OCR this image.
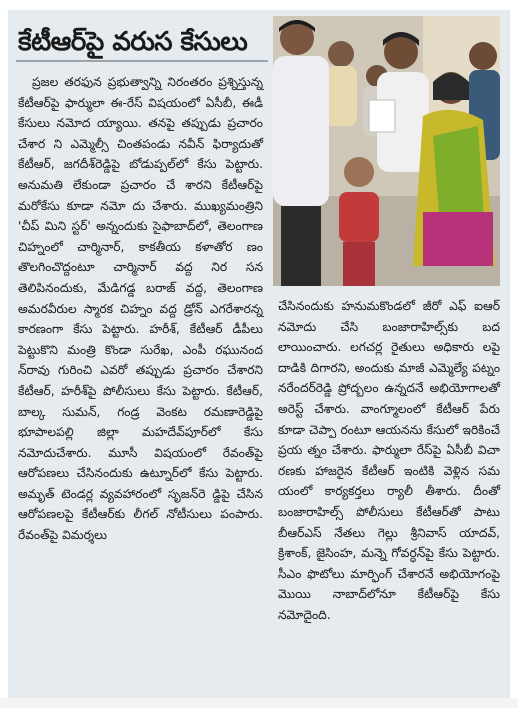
కేటీఆర్‌పై వరుస కేసులు

ప్రజల తరఫున ప్రభుత్వాన్ని నిరంతరం ప్రశ్నిస్తున్న కేటీఆర్‌పై ఫార్ములా ఈ-రేస్ విషయంలో ఏసీబీ, ఈడీ కేసులు నమోద య్యాయి. తనపై తప్పుడు ప్రచారం చేశార ని ఎమ్మెల్సీ చింతపండు నవీన్ ఫిర్యాదుతో కేటీఆర్, జగదీశ్‌రెడ్డిపై బోడుప్పల్‌లో కేసు పెట్టారు. అనుమతి లేకుండా ప్రచారం చే శారని కేటీఆర్‌పై మరోకేసు కూడా నమో దు చేశారు. ముఖ్యమంత్రిని 'చీప్ మిని స్టర్' అన్నందుకు సైఫాబాద్‌లో, తెలంగాణ చిహ్నంలో చార్మినార్, కాకతీయ కళాతోర ణం తొలగించొద్దంటూ చార్మినార్ వద్ద నిర సన తెలిపినందుకు, మేడిగడ్డ బరాజ్ వద్ద, తెలంగాణ అమరవీరుల స్మారక చిహ్నం వద్ద డ్రోన్ ఎగరేశారన్న కారణంగా కేసు పెట్టారు. హరీశ్, కేటీఆర్ డీపీలు పెట్టుకొని మంత్రి కొండా సురేఖ, ఎంపీ రఘునంద న్‌రావు గురించి ఎవరో తప్పుడు ప్రచారం చేశారని కేటీఆర్, హరీశ్‌పై పోలీసులు కేసు పెట్టారు. కేటీఆర్, బాల్క సుమన్, గండ్ర వెంకట రమణారెడ్డిపై భూపాలపల్లి జిల్లా మహదేవ్‌పూర్‌లో కేసు నమోదుచేశారు. మూసీ విషయంలో రేవంత్‌పై ఆరోపణలు చేసినందుకు ఉట్నూర్‌లో కేసు పెట్టారు. అమృత్ టెండర్ల వ్యవహారంలో సృజన్‌రె డ్డిపై చేసిన ఆరోపణలపై కేటీఆర్‌కు లీగల్ నోటీసులు పంపారు. రేవంత్‌పై విమర్శలు

చేసినందుకు హనుమకొండలో జీరో ఎఫ్ ఐఆర్ నమోదు చేసి బంజారాహిల్స్‌కు బద లాయించారు. లగచర్ల రైతులు అధికారు లపై దాడికి దిగారని, అందుకు మాజీ ఎమ్మెల్యే పట్నం నరేందర్‌రెడ్డి ప్రోద్బలం ఉన్నదనే అభియోగాలతో అరెస్ట్ చేశారు. వాంగ్మూలంలో కేటీఆర్ పేరు కూడా చెప్పా రంటూ ఆయనను కేసులో ఇరికించే ప్రయ త్నం చేశారు. ఫార్ములా రేస్‌పై ఏసీబీ విచా రణకు హాజరైన కేటీఆర్ ఇంటికి వెళ్లిన సమ యంలో కార్యకర్తలు ర్యాలీ తీశారు. దీంతో బంజారాహిల్స్ పోలీసులు కేటీఆర్‌తో పాటు బీఆర్‌ఎస్ నేతలు గెల్లు శ్రీనివాస్ యాదవ్, క్రిశాంక్, జైసింహ, మన్నె గోవర్ధన్‌పై కేసు పెట్టారు. సీఎం ఫొటోలు మార్ఫింగ్ చేశారనే అభియోగంపై మొయి నాబాద్‌లోనూ కేటీఆర్‌పై కేసు నమోదైంది.
